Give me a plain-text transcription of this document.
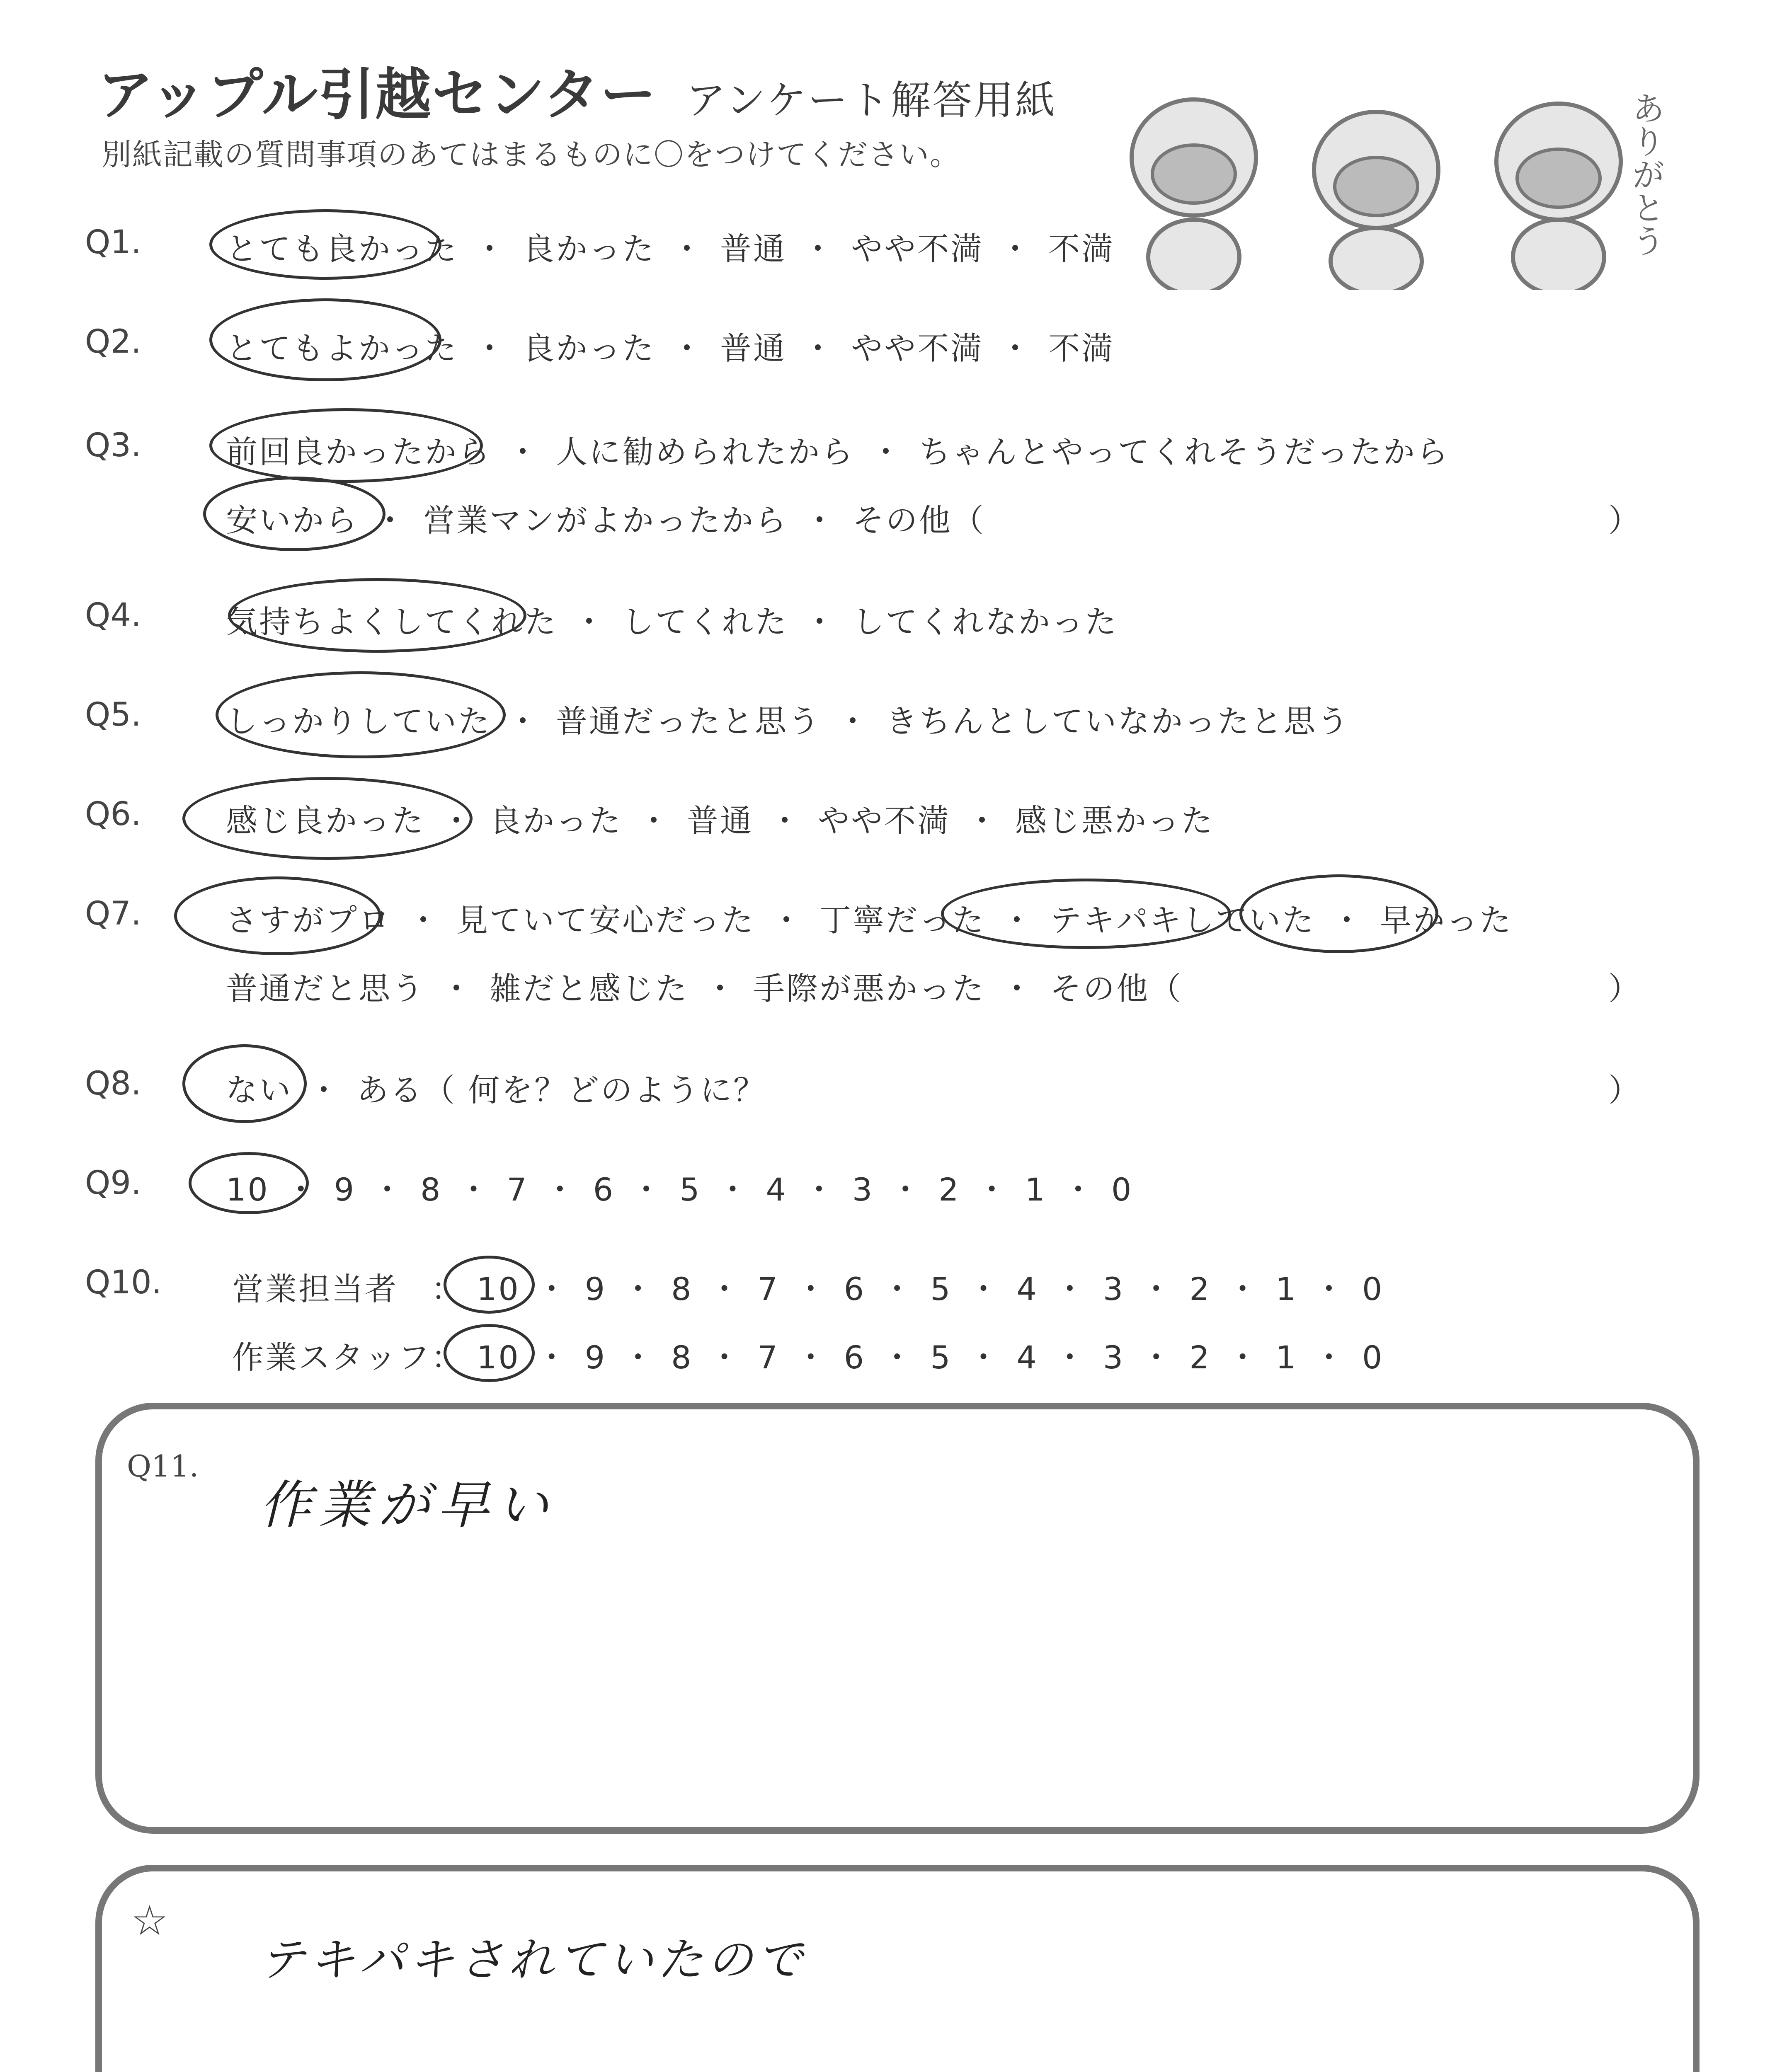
アップル引越センター アンケート解答用紙
別紙記載の質問事項のあてはまるものに〇をつけてください。	ありがとう
Q1.	とても良かった ・ 良かった ・ 普通 ・ やや不満 ・ 不満
Q2.	とてもよかった ・ 良かった ・ 普通 ・ やや不満 ・ 不満
Q3.	前回良かったから ・ 人に勧められたから ・ ちゃんとやってくれそうだったから
安いから ・ 営業マンがよかったから ・ その他（	）
Q4.	気持ちよくしてくれた ・ してくれた ・ してくれなかった
Q5.	しっかりしていた ・ 普通だったと思う ・ きちんとしていなかったと思う
Q6.	感じ良かった ・ 良かった ・ 普通 ・ やや不満 ・ 感じ悪かった
Q7.	さすがプロ ・ 見ていて安心だった ・ 丁寧だった ・ テキパキしていた ・ 早かった
普通だと思う ・ 雑だと感じた ・ 手際が悪かった ・ その他（	）
Q8.	ない ・ ある（ 何を？どのように？	）
Q9.	10 ・ 9 ・ 8 ・ 7 ・ 6 ・ 5 ・ 4 ・ 3 ・ 2 ・ 1 ・ 0
Q10. 営業担当者 ： 10 ・ 9 ・ 8 ・ 7 ・ 6 ・ 5 ・ 4 ・ 3 ・ 2 ・ 1 ・ 0
作業スタッフ： 10 ・ 9 ・ 8 ・ 7 ・ 6 ・ 5 ・ 4 ・ 3 ・ 2 ・ 1 ・ 0
Q11.
作業が早い
☆
テキパキされていたので
